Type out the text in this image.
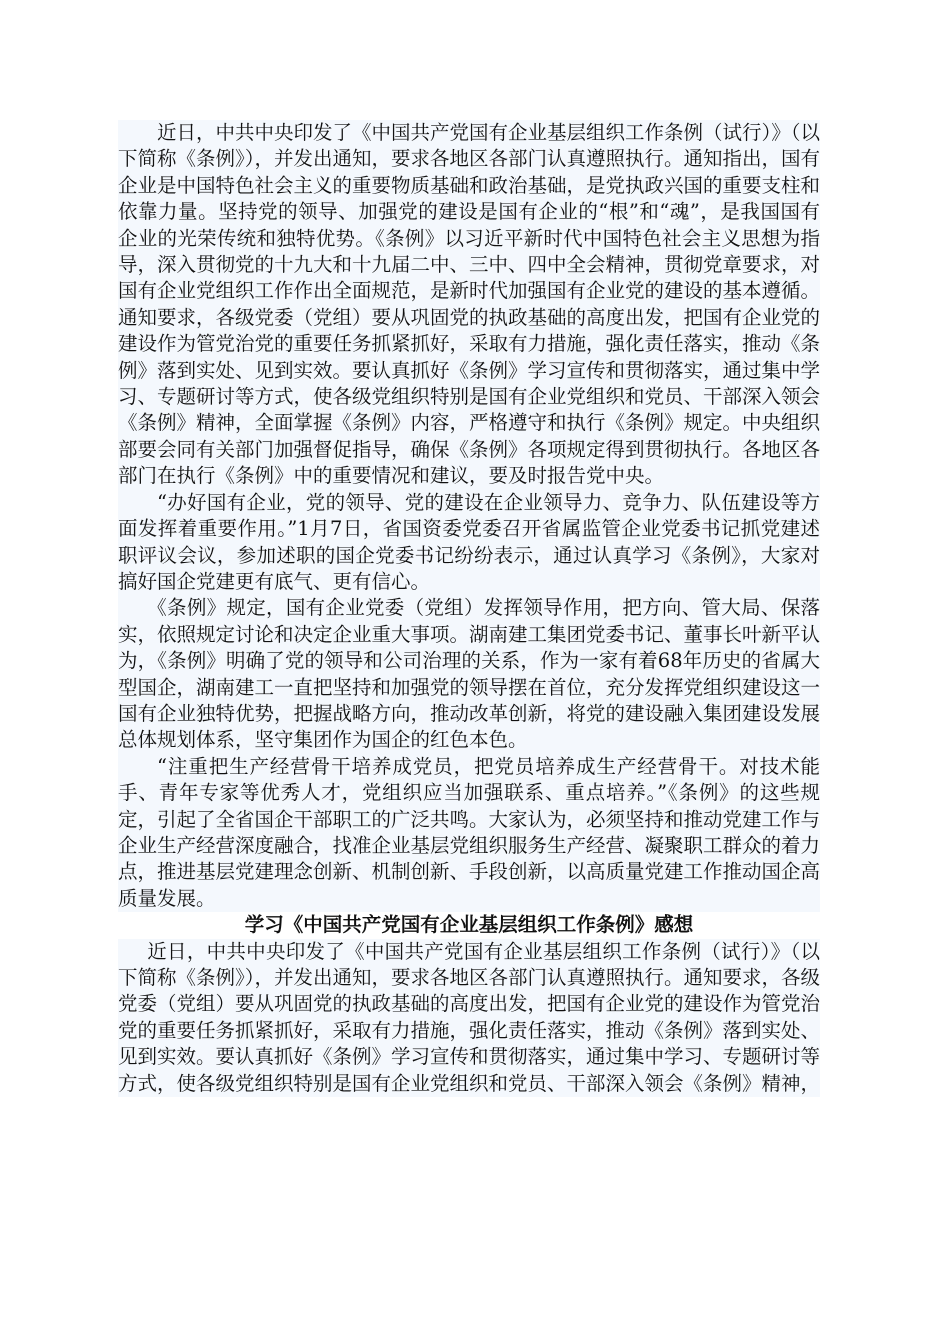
近日，中共中央印发了《中国共产党国有企业基层组织工作条例（试行）》（以下简称《条例》），并发出通知，要求各地区各部门认真遵照执行。通知指出，国有企业是中国特色社会主义的重要物质基础和政治基础，是党执政兴国的重要支柱和依靠力量。坚持党的领导、加强党的建设是国有企业的“根”和“魂”，是我国国有企业的光荣传统和独特优势。《条例》以习近平新时代中国特色社会主义思想为指导，深入贯彻党的十九大和十九届二中、三中、四中全会精神，贯彻党章要求，对国有企业党组织工作作出全面规范，是新时代加强国有企业党的建设的基本遵循。通知要求，各级党委（党组）要从巩固党的执政基础的高度出发，把国有企业党的建设作为管党治党的重要任务抓紧抓好，采取有力措施，强化责任落实，推动《条例》落到实处、见到实效。要认真抓好《条例》学习宣传和贯彻落实，通过集中学习、专题研讨等方式，使各级党组织特别是国有企业党组织和党员、干部深入领会《条例》精神，全面掌握《条例》内容，严格遵守和执行《条例》规定。中央组织部要会同有关部门加强督促指导，确保《条例》各项规定得到贯彻执行。各地区各部门在执行《条例》中的重要情况和建议，要及时报告党中央。

“办好国有企业，党的领导、党的建设在企业领导力、竞争力、队伍建设等方面发挥着重要作用。”1月7日，省国资委党委召开省属监管企业党委书记抓党建述职评议会议，参加述职的国企党委书记纷纷表示，通过认真学习《条例》，大家对搞好国企党建更有底气、更有信心。

《条例》规定，国有企业党委（党组）发挥领导作用，把方向、管大局、保落实，依照规定讨论和决定企业重大事项。湖南建工集团党委书记、董事长叶新平认为，《条例》明确了党的领导和公司治理的关系，作为一家有着68年历史的省属大型国企，湖南建工一直把坚持和加强党的领导摆在首位，充分发挥党组织建设这一国有企业独特优势，把握战略方向，推动改革创新，将党的建设融入集团建设发展总体规划体系，坚守集团作为国企的红色本色。

“注重把生产经营骨干培养成党员，把党员培养成生产经营骨干。对技术能手、青年专家等优秀人才，党组织应当加强联系、重点培养。”《条例》的这些规定，引起了全省国企干部职工的广泛共鸣。大家认为，必须坚持和推动党建工作与企业生产经营深度融合，找准企业基层党组织服务生产经营、凝聚职工群众的着力点，推进基层党建理念创新、机制创新、手段创新，以高质量党建工作推动国企高质量发展。

学习《中国共产党国有企业基层组织工作条例》感想

近日，中共中央印发了《中国共产党国有企业基层组织工作条例（试行）》（以下简称《条例》），并发出通知，要求各地区各部门认真遵照执行。通知要求，各级党委（党组）要从巩固党的执政基础的高度出发，把国有企业党的建设作为管党治党的重要任务抓紧抓好，采取有力措施，强化责任落实，推动《条例》落到实处、见到实效。要认真抓好《条例》学习宣传和贯彻落实，通过集中学习、专题研讨等方式，使各级党组织特别是国有企业党组织和党员、干部深入领会《条例》精神，
